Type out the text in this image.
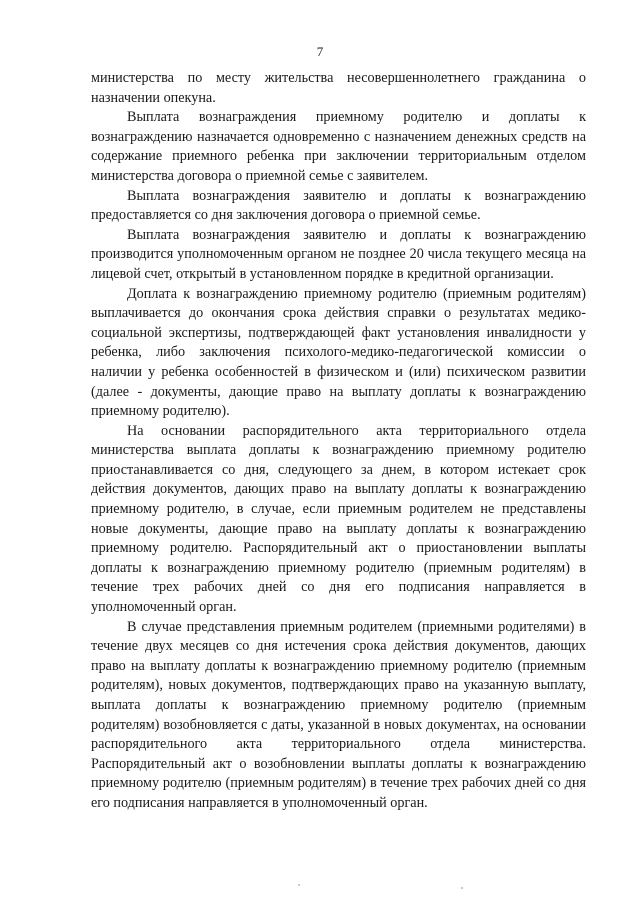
7

министерства по месту жительства несовершеннолетнего гражданина о назначении опекуна.

Выплата вознаграждения приемному родителю и доплаты к вознаграждению назначается одновременно с назначением денежных средств на содержание приемного ребенка при заключении территориальным отделом министерства договора о приемной семье с заявителем.

Выплата вознаграждения заявителю и доплаты к вознаграждению предоставляется со дня заключения договора о приемной семье.

Выплата вознаграждения заявителю и доплаты к вознаграждению производится уполномоченным органом не позднее 20 числа текущего месяца на лицевой счет, открытый в установленном порядке в кредитной организации.

Доплата к вознаграждению приемному родителю (приемным родителям) выплачивается до окончания срока действия справки о результатах медико-социальной экспертизы, подтверждающей факт установления инвалидности у ребенка, либо заключения психолого-медико-педагогической комиссии о наличии у ребенка особенностей в физическом и (или) психическом развитии (далее - документы, дающие право на выплату доплаты к вознаграждению приемному родителю).

На основании распорядительного акта территориального отдела министерства выплата доплаты к вознаграждению приемному родителю приостанавливается со дня, следующего за днем, в котором истекает срок действия документов, дающих право на выплату доплаты к вознаграждению приемному родителю, в случае, если приемным родителем не представлены новые документы, дающие право на выплату доплаты к вознаграждению приемному родителю. Распорядительный акт о приостановлении выплаты доплаты к вознаграждению приемному родителю (приемным родителям) в течение трех рабочих дней со дня его подписания направляется в уполномоченный орган.

В случае представления приемным родителем (приемными родителями) в течение двух месяцев со дня истечения срока действия документов, дающих право на выплату доплаты к вознаграждению приемному родителю (приемным родителям), новых документов, подтверждающих право на указанную выплату, выплата доплаты к вознаграждению приемному родителю (приемным родителям) возобновляется с даты, указанной в новых документах, на основании распорядительного акта территориального отдела министерства. Распорядительный акт о возобновлении выплаты доплаты к вознаграждению приемному родителю (приемным родителям) в течение трех рабочих дней со дня его подписания направляется в уполномоченный орган.
